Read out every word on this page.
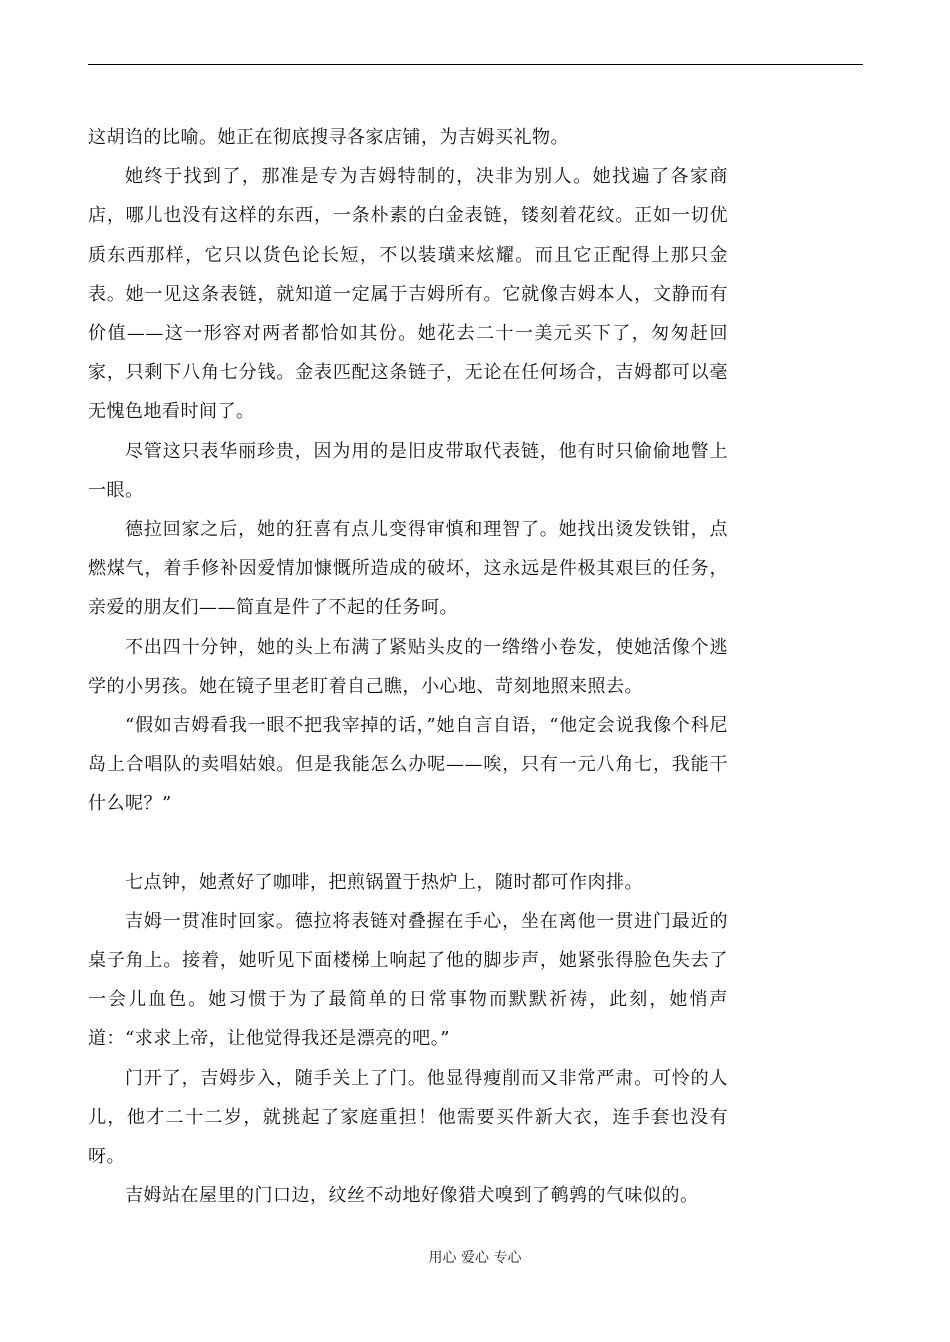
这胡诌的比喻。她正在彻底搜寻各家店铺，为吉姆买礼物。

她终于找到了，那准是专为吉姆特制的，决非为别人。她找遍了各家商店，哪儿也没有这样的东西，一条朴素的白金表链，镂刻着花纹。正如一切优质东西那样，它只以货色论长短，不以装璜来炫耀。而且它正配得上那只金表。她一见这条表链，就知道一定属于吉姆所有。它就像吉姆本人，文静而有价值——这一形容对两者都恰如其份。她花去二十一美元买下了，匆匆赶回家，只剩下八角七分钱。金表匹配这条链子，无论在任何场合，吉姆都可以毫无愧色地看时间了。

尽管这只表华丽珍贵，因为用的是旧皮带取代表链，他有时只偷偷地瞥上一眼。

德拉回家之后，她的狂喜有点儿变得审慎和理智了。她找出烫发铁钳，点燃煤气，着手修补因爱情加慷慨所造成的破坏，这永远是件极其艰巨的任务，亲爱的朋友们——简直是件了不起的任务呵。

不出四十分钟，她的头上布满了紧贴头皮的一绺绺小卷发，使她活像个逃学的小男孩。她在镜子里老盯着自己瞧，小心地、苛刻地照来照去。

“假如吉姆看我一眼不把我宰掉的话，”她自言自语，“他定会说我像个科尼岛上合唱队的卖唱姑娘。但是我能怎么办呢——唉，只有一元八角七，我能干什么呢？”

七点钟，她煮好了咖啡，把煎锅置于热炉上，随时都可作肉排。

吉姆一贯准时回家。德拉将表链对叠握在手心，坐在离他一贯进门最近的桌子角上。接着，她听见下面楼梯上响起了他的脚步声，她紧张得脸色失去了一会儿血色。她习惯于为了最简单的日常事物而默默祈祷，此刻，她悄声道：“求求上帝，让他觉得我还是漂亮的吧。”

门开了，吉姆步入，随手关上了门。他显得瘦削而又非常严肃。可怜的人儿，他才二十二岁，就挑起了家庭重担！他需要买件新大衣，连手套也没有呀。

吉姆站在屋里的门口边，纹丝不动地好像猎犬嗅到了鹌鹑的气味似的。

用心 爱心 专心
